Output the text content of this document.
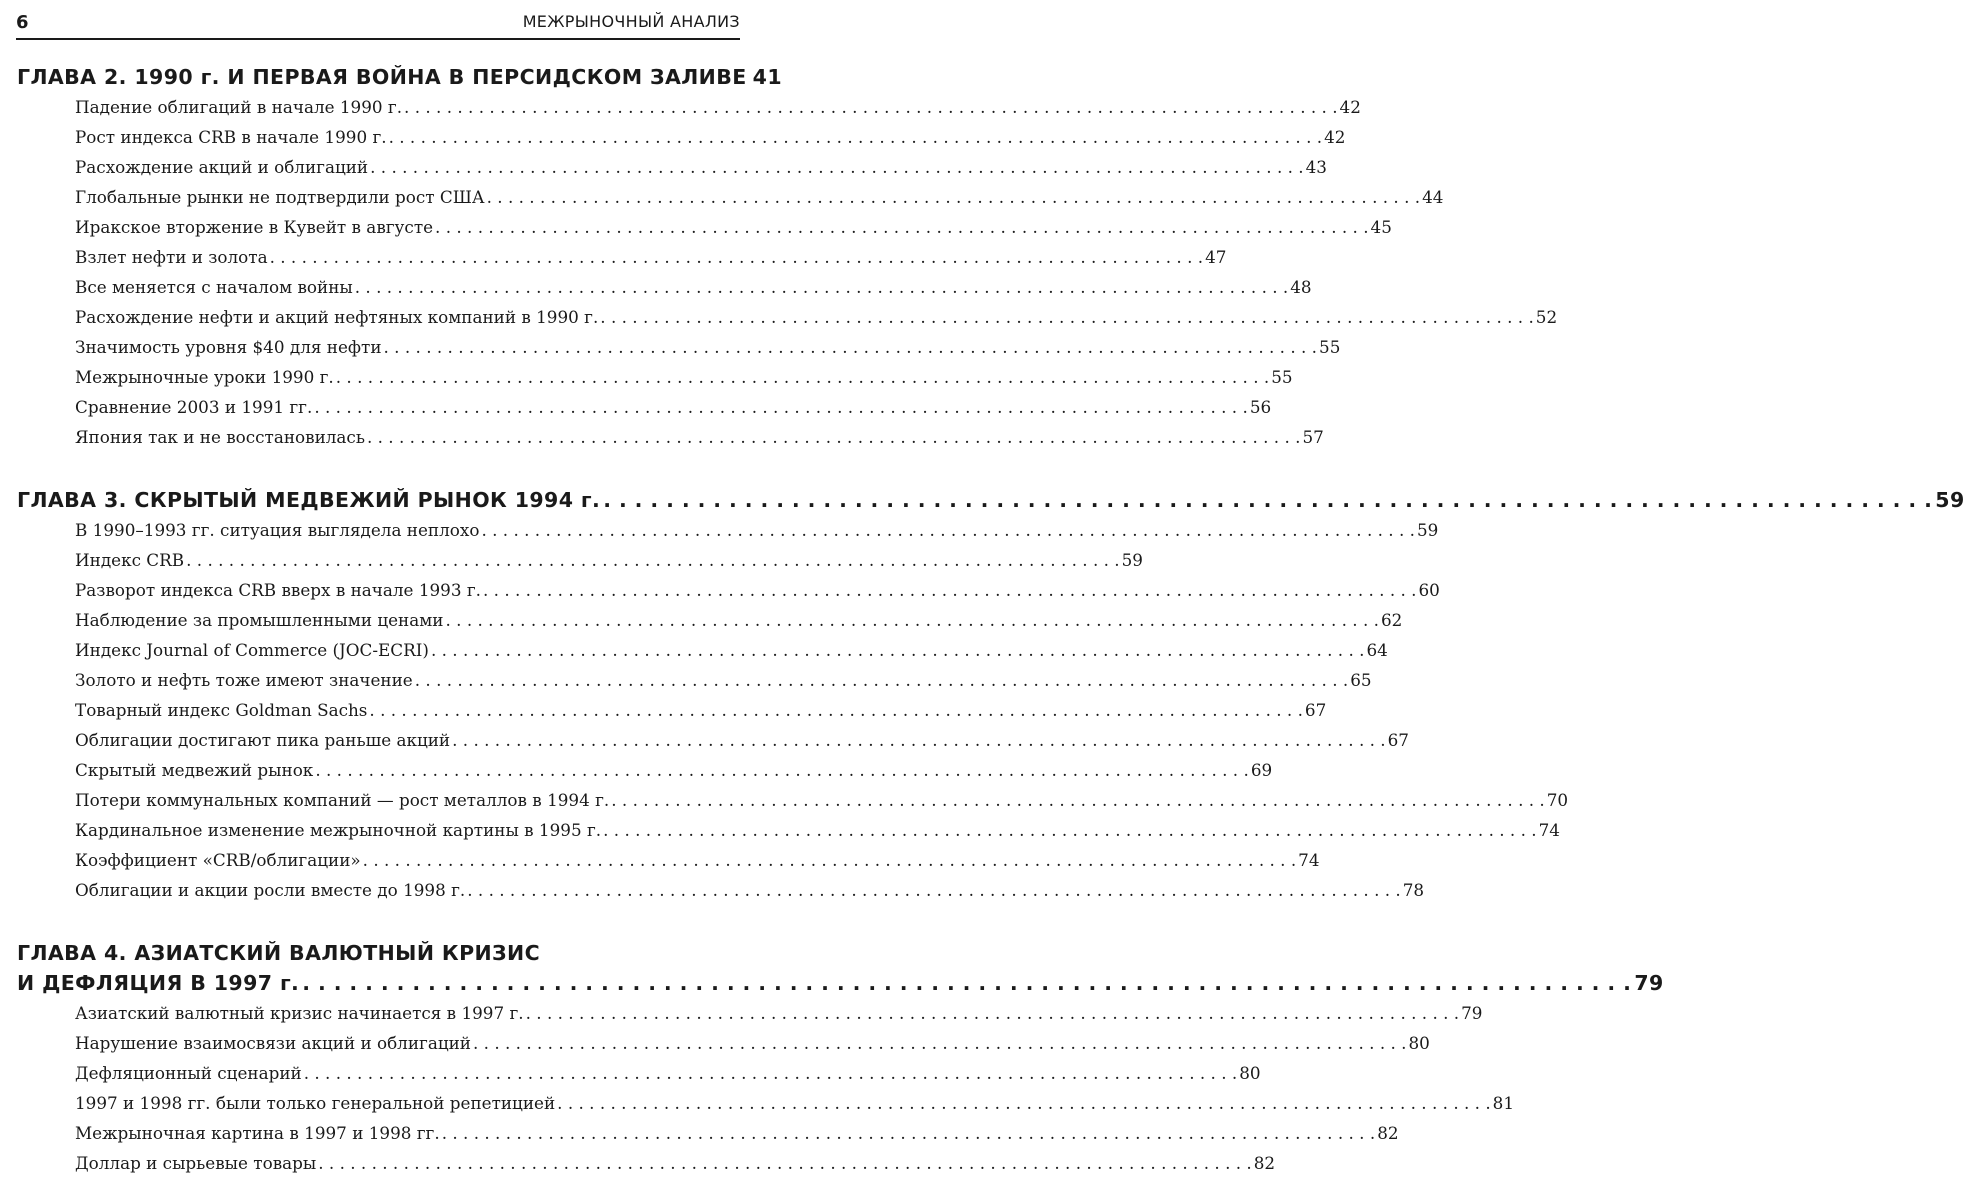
6	МЕЖРЫНОЧНЫЙ АНАЛИЗ
ГЛАВА 2. 1990 г. И ПЕРВАЯ ВОЙНА В ПЕРСИДСКОМ ЗАЛИВЕ 41
Падение облигаций в начале 1990 г. . . .	42
Рост индекса CRB в начале 1990 г. . . .	42
Расхождение акций и облигаций . . .	43
Глобальные рынки не подтвердили рост США . . .	44
Иракское вторжение в Кувейт в августе . . .	45
Взлет нефти и золота . . .	47
Все меняется с началом войны . . .	48
Расхождение нефти и акций нефтяных компаний в 1990 г. . . .	52
Значимость уровня $40 для нефти . . .	55
Межрыночные уроки 1990 г. . . .	55
Сравнение 2003 и 1991 гг. . . .	56
Япония так и не восстановилась . . .	57
ГЛАВА 3. СКРЫТЫЙ МЕДВЕЖИЙ РЫНОК 1994 г. . . .	59
В 1990–1993 гг. ситуация выглядела неплохо . . .	59
Индекс CRB . . .	59
Разворот индекса CRB вверх в начале 1993 г. . . .	60
Наблюдение за промышленными ценами . . .	62
Индекс Journal of Commerce (JOC-ECRI) . . .	64
Золото и нефть тоже имеют значение . . .	65
Товарный индекс Goldman Sachs . . .	67
Облигации достигают пика раньше акций . . .	67
Скрытый медвежий рынок . . .	69
Потери коммунальных компаний — рост металлов в 1994 г. . . .	70
Кардинальное изменение межрыночной картины в 1995 г. . . .	74
Коэффициент «CRB/облигации» . . .	74
Облигации и акции росли вместе до 1998 г. . . .	78
ГЛАВА 4. АЗИАТСКИЙ ВАЛЮТНЫЙ КРИЗИС
И ДЕФЛЯЦИЯ В 1997 г. . . .	79
Азиатский валютный кризис начинается в 1997 г. . . .	79
Нарушение взаимосвязи акций и облигаций . . .	80
Дефляционный сценарий . . .	80
1997 и 1998 гг. были только генеральной репетицией . . .	81
Межрыночная картина в 1997 и 1998 гг. . . .	82
Доллар и сырьевые товары . . .	82
